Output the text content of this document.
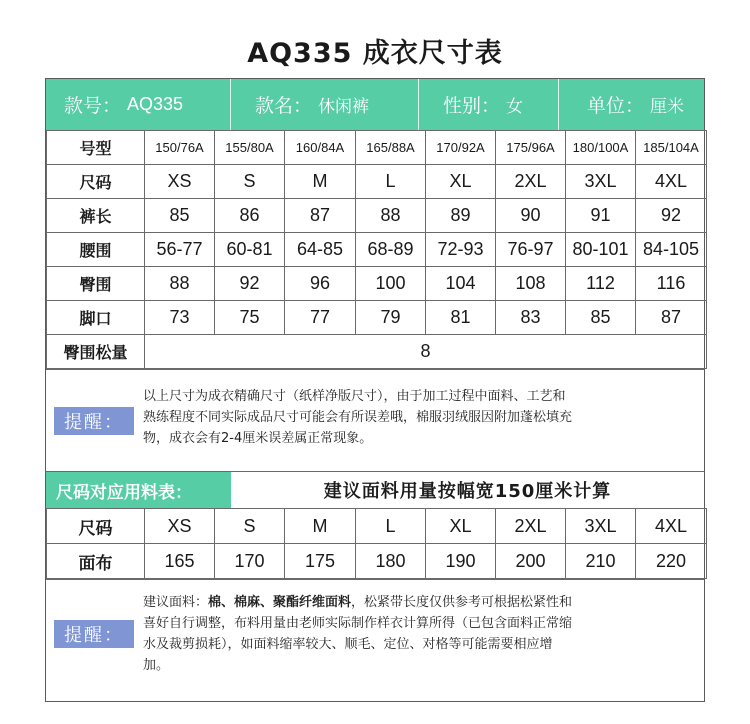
AQ335 成衣尺寸表
款号： AQ335	款名： 休闲裤	性别： 女	单位： 厘米
号型	150/76A	155/80A	160/84A	165/88A	170/92A	175/96A	180/100A	185/104A
尺码	XS	S	M	L	XL	2XL	3XL	4XL
裤长	85	86	87	88	89	90	91	92
腰围	56-77	60-81	64-85	68-89	72-93	76-97	80-101	84-105
臀围	88	92	96	100	104	108	112	116
脚口	73	75	77	79	81	83	85	87
臀围松量	8							
提醒：
以上尺寸为成衣精确尺寸（纸样净版尺寸），由于加工过程中面料、工艺和
熟练程度不同实际成品尺寸可能会有所误差哦，棉服羽绒服因附加蓬松填充
物，成衣会有2-4厘米误差属正常现象。
尺码对应用料表：	建议面料用量按幅宽150厘米计算
尺码	XS	S	M	L	XL	2XL	3XL	4XL
面布	165	170	175	180	190	200	210	220
提醒：
建议面料：棉、棉麻、聚酯纤维面料，松紧带长度仅供参考可根据松紧性和
喜好自行调整，布料用量由老师实际制作样衣计算所得（已包含面料正常缩
水及裁剪损耗），如面料缩率较大、顺毛、定位、对格等可能需要相应增
加。
